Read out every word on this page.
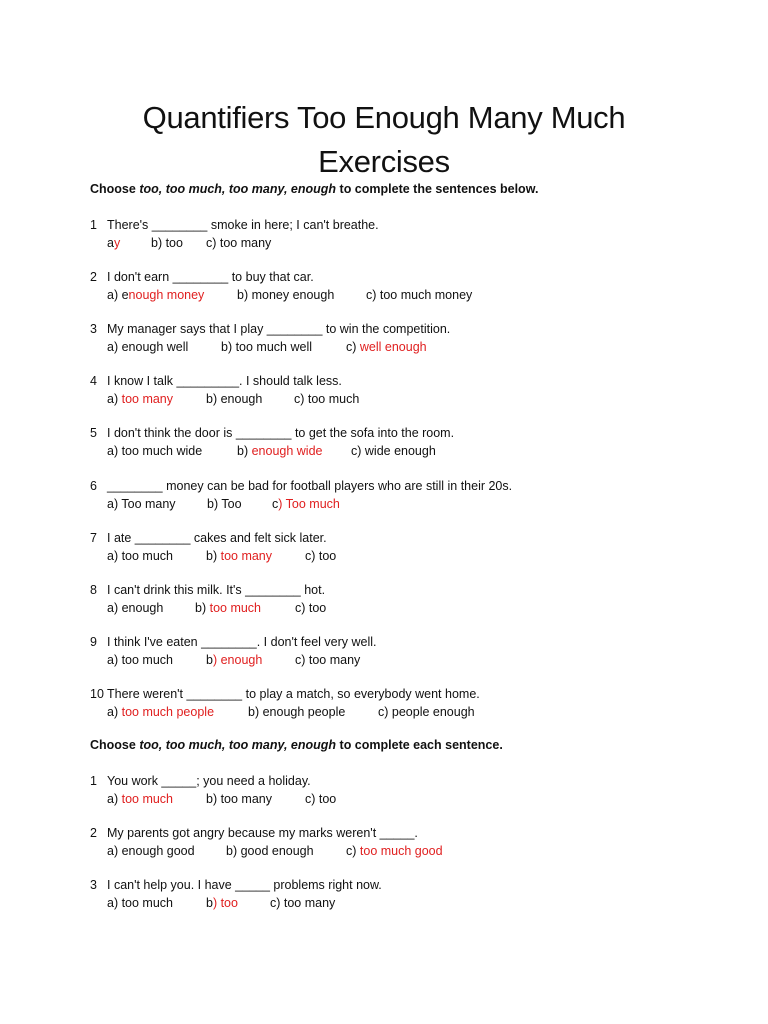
Quantifiers Too Enough Many Much
Exercises

Choose too, too much, too many, enough to complete the sentences below.

1 There's ________ smoke in here; I can't breathe.
ay b) too c) too many
2 I don't earn ________ to buy that car.
a) enough money	b) money enough	c) too much money
3 My manager says that I play ________ to win the competition.
a) enough well	b) too much well	c) well enough
4 I know I talk _________. I should talk less.
a) too many	b) enough	c) too much
5 I don't think the door is ________ to get the sofa into the room.
a) too much wide	b) enough wide c) wide enough
6 ________ money can be bad for football players who are still in their 20s.
a) Too many	b) Too c) Too much
7 I ate ________ cakes and felt sick later.
a) too much	b) too many	c) too
8 I can't drink this milk. It's ________ hot.
a) enough	b) too much	c) too
9 I think I've eaten ________. I don't feel very well.
a) too much	b) enough	c) too many
10 There weren't ________ to play a match, so everybody went home.
a) too much people	b) enough people	c) people enough

Choose too, too much, too many, enough to complete each sentence.

1 You work _____; you need a holiday.
a) too much	b) too many	c) too
2 My parents got angry because my marks weren't _____.
a) enough good	b) good enough	c) too much good
3 I can't help you. I have _____ problems right now.
a) too much	b) too	c) too many
